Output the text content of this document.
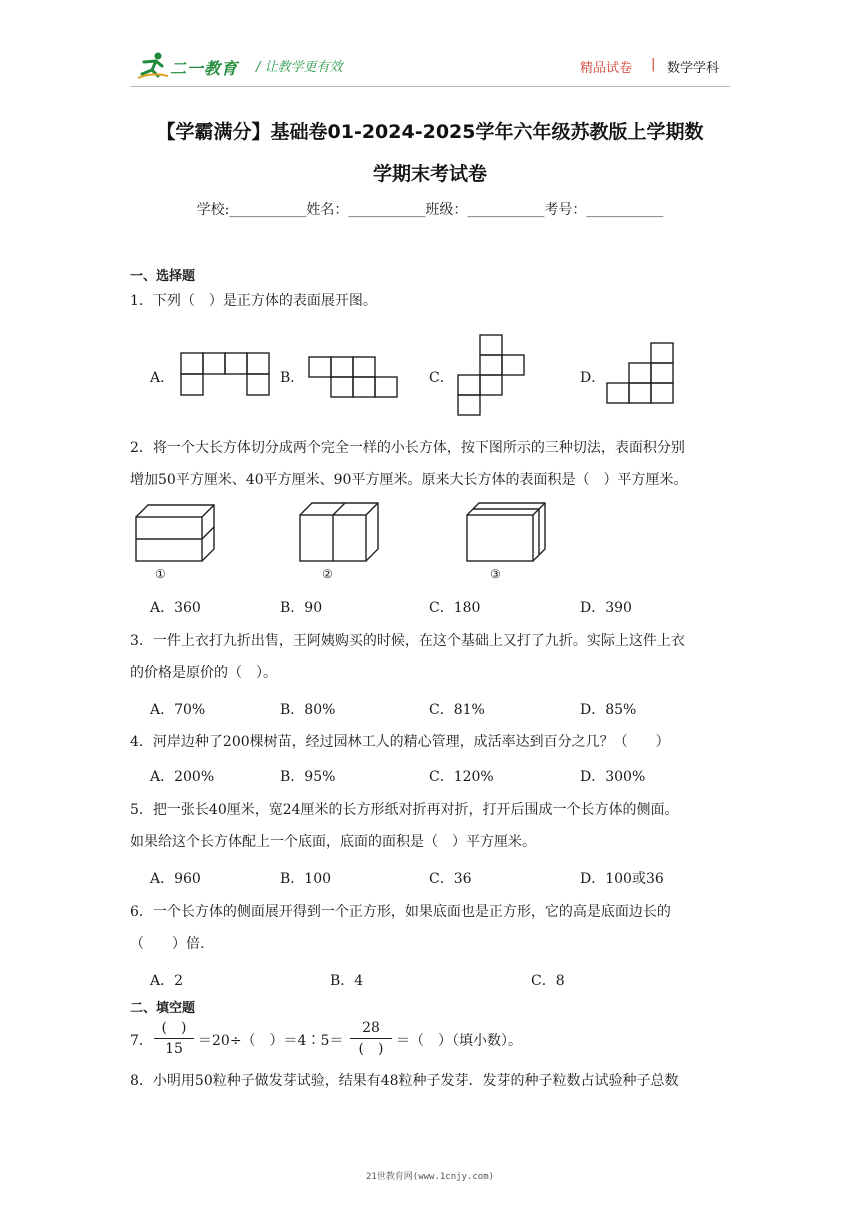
二一教育 / 让教学更有效	精品试卷 | 数学学科
【学霸满分】基础卷01-2024-2025学年六年级苏教版上学期数
学期末考试卷
学校:___________姓名：___________班级：___________考号：___________
一、选择题
1．下列（　）是正方体的表面展开图。
A．	B．	C．	D．
2．将一个大长方体切分成两个完全一样的小长方体，按下图所示的三种切法，表面积分别
增加50平方厘米、40平方厘米、90平方厘米。原来大长方体的表面积是（　）平方厘米。
①	②	③
A．360	B．90	C．180	D．390
3．一件上衣打九折出售，王阿姨购买的时候，在这个基础上又打了九折。实际上这件上衣
的价格是原价的（　）。
A．70%	B．80%	C．81%	D．85%
4．河岸边种了200棵树苗，经过园林工人的精心管理，成活率达到百分之几？（　　）
A．200%	B．95%	C．120%	D．300%
5．把一张长40厘米，宽24厘米的长方形纸对折再对折，打开后围成一个长方体的侧面。
如果给这个长方体配上一个底面，底面的面积是（　）平方厘米。
A．960	B．100	C．36	D．100或36
6．一个长方体的侧面展开得到一个正方形，如果底面也是正方形，它的高是底面边长的
（　　）倍.
A．2	B．4	C．8
二、填空题
7．
(　)
15	＝20÷（　）＝4∶5＝
28
(　) ＝（　）（填小数）。
8．小明用50粒种子做发芽试验，结果有48粒种子发芽．发芽的种子粒数占试验种子总数
21世教育网(www.1cnjy.com)
